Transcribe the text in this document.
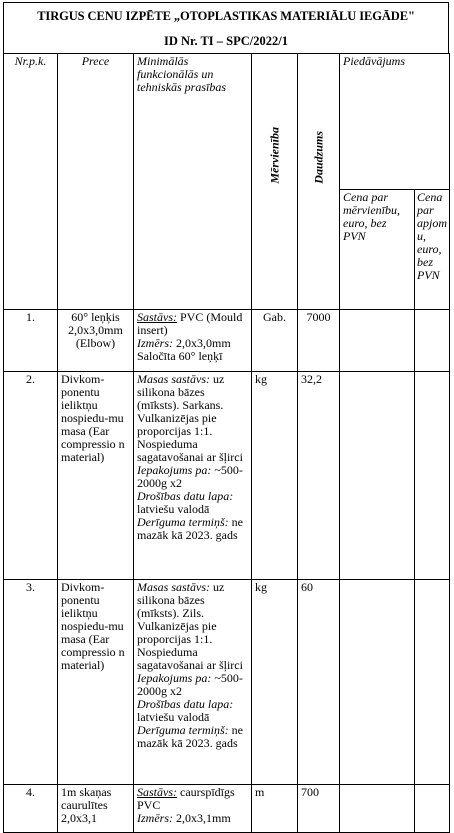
TIRGUS CENU IZPĒTE „OTOPLASTIKAS MATERIĀLU IEGĀDE"
ID Nr. TI – SPC/2022/1
Nr.p.k.	Prece	Minimālās funkcionālās un tehniskās prasības	Mērvienība	Daudzums	Piedāvājums	
					Cena par mērvienību, euro, bez PVN	Cena par apjomu, euro, bez PVN
1.	60° leņķis 2,0x3,0mm (Elbow)	Sastāvs: PVC (Mould insert)
Izmērs: 2,0x3,0mm
Saločīta 60° leņķī	Gab.	7000		
2.	Divkom-ponentu ieliktņu nospiedu-mu masa (Ear compressio n material)	Masas sastāvs: uz silikona bāzes (mīksts). Sarkans. Vulkanizējas pie proporcijas 1:1. Nospieduma sagatavošanai ar šļirci Iepakojums pa: ~500-2000g x2
Drošības datu lapa: latviešu valodā
Derīguma termiņš: ne mazāk kā 2023. gads	kg	32,2		
3.	Divkom-ponentu ieliktņu nospiedu-mu masa (Ear compressio n material)	Masas sastāvs: uz silikona bāzes (mīksts). Zils. Vulkanizējas pie proporcijas 1:1. Nospieduma sagatavošanai ar šļirci Iepakojums pa: ~500-2000g x2
Drošības datu lapa: latviešu valodā
Derīguma termiņš: ne mazāk kā 2023. gads	kg	60		
4.	1m skaņas caurulītes 2,0x3,1	Sastāvs: caurspīdīgs PVC
Izmērs: 2,0x3,1mm	m	700		
